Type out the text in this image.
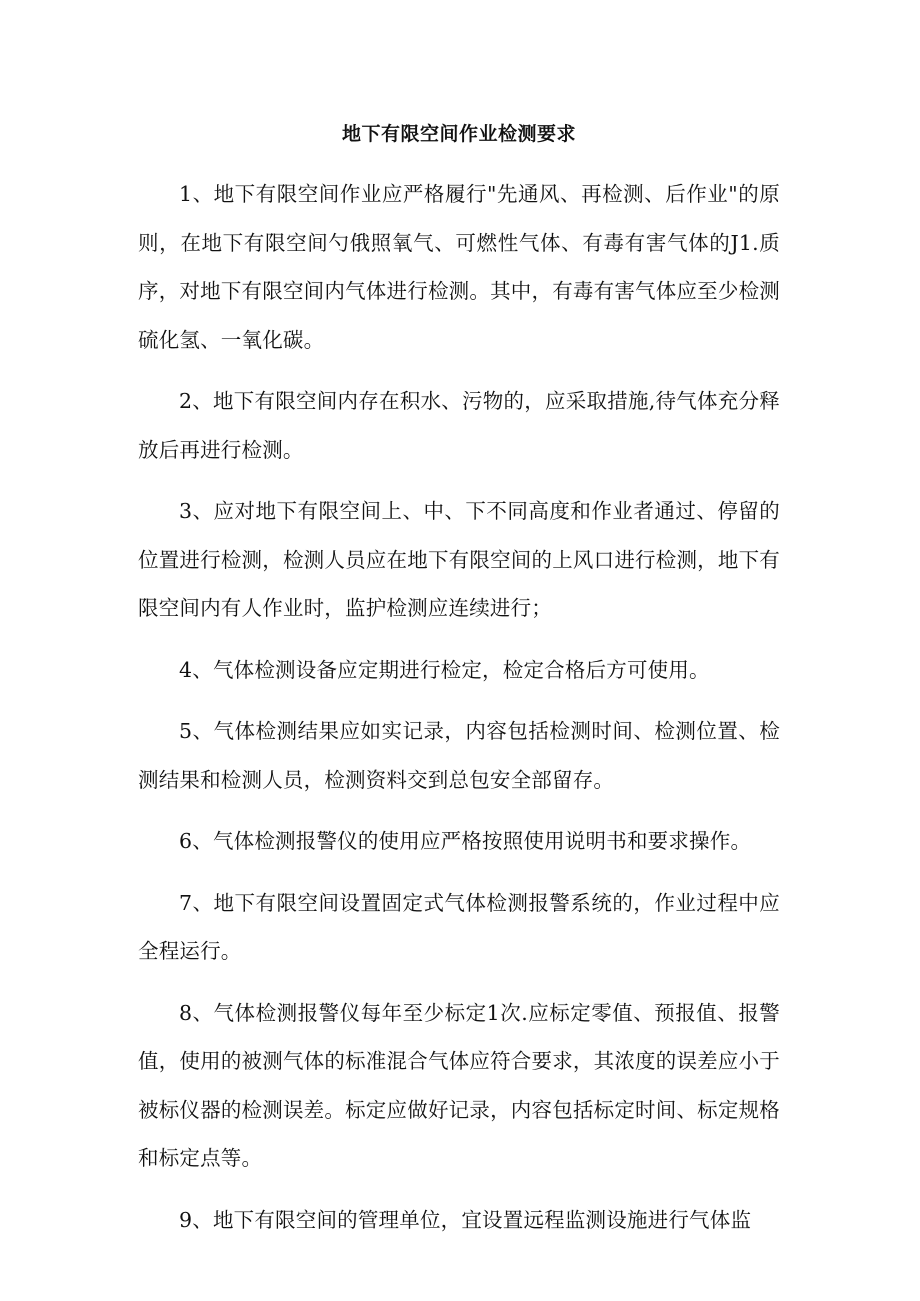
地下有限空间作业检测要求

1、地下有限空间作业应严格履行"先通风、再检测、后作业"的原则，在地下有限空间勺俄照氧气、可燃性气体、有毒有害气体的J1.质序，对地下有限空间内气体进行检测。其中，有毒有害气体应至少检测硫化氢、一氧化碳。

2、地下有限空间内存在积水、污物的，应采取措施,待气体充分释放后再进行检测。

3、应对地下有限空间上、中、下不同高度和作业者通过、停留的位置进行检测，检测人员应在地下有限空间的上风口进行检测，地下有限空间内有人作业时，监护检测应连续进行；

4、气体检测设备应定期进行检定，检定合格后方可使用。

5、气体检测结果应如实记录，内容包括检测时间、检测位置、检测结果和检测人员，检测资料交到总包安全部留存。

6、气体检测报警仪的使用应严格按照使用说明书和要求操作。

7、地下有限空间设置固定式气体检测报警系统的，作业过程中应全程运行。

8、气体检测报警仪每年至少标定1次.应标定零值、预报值、报警值，使用的被测气体的标准混合气体应符合要求，其浓度的误差应小于被标仪器的检测误差。标定应做好记录，内容包括标定时间、标定规格和标定点等。

9、地下有限空间的管理单位，宜设置远程监测设施进行气体监
